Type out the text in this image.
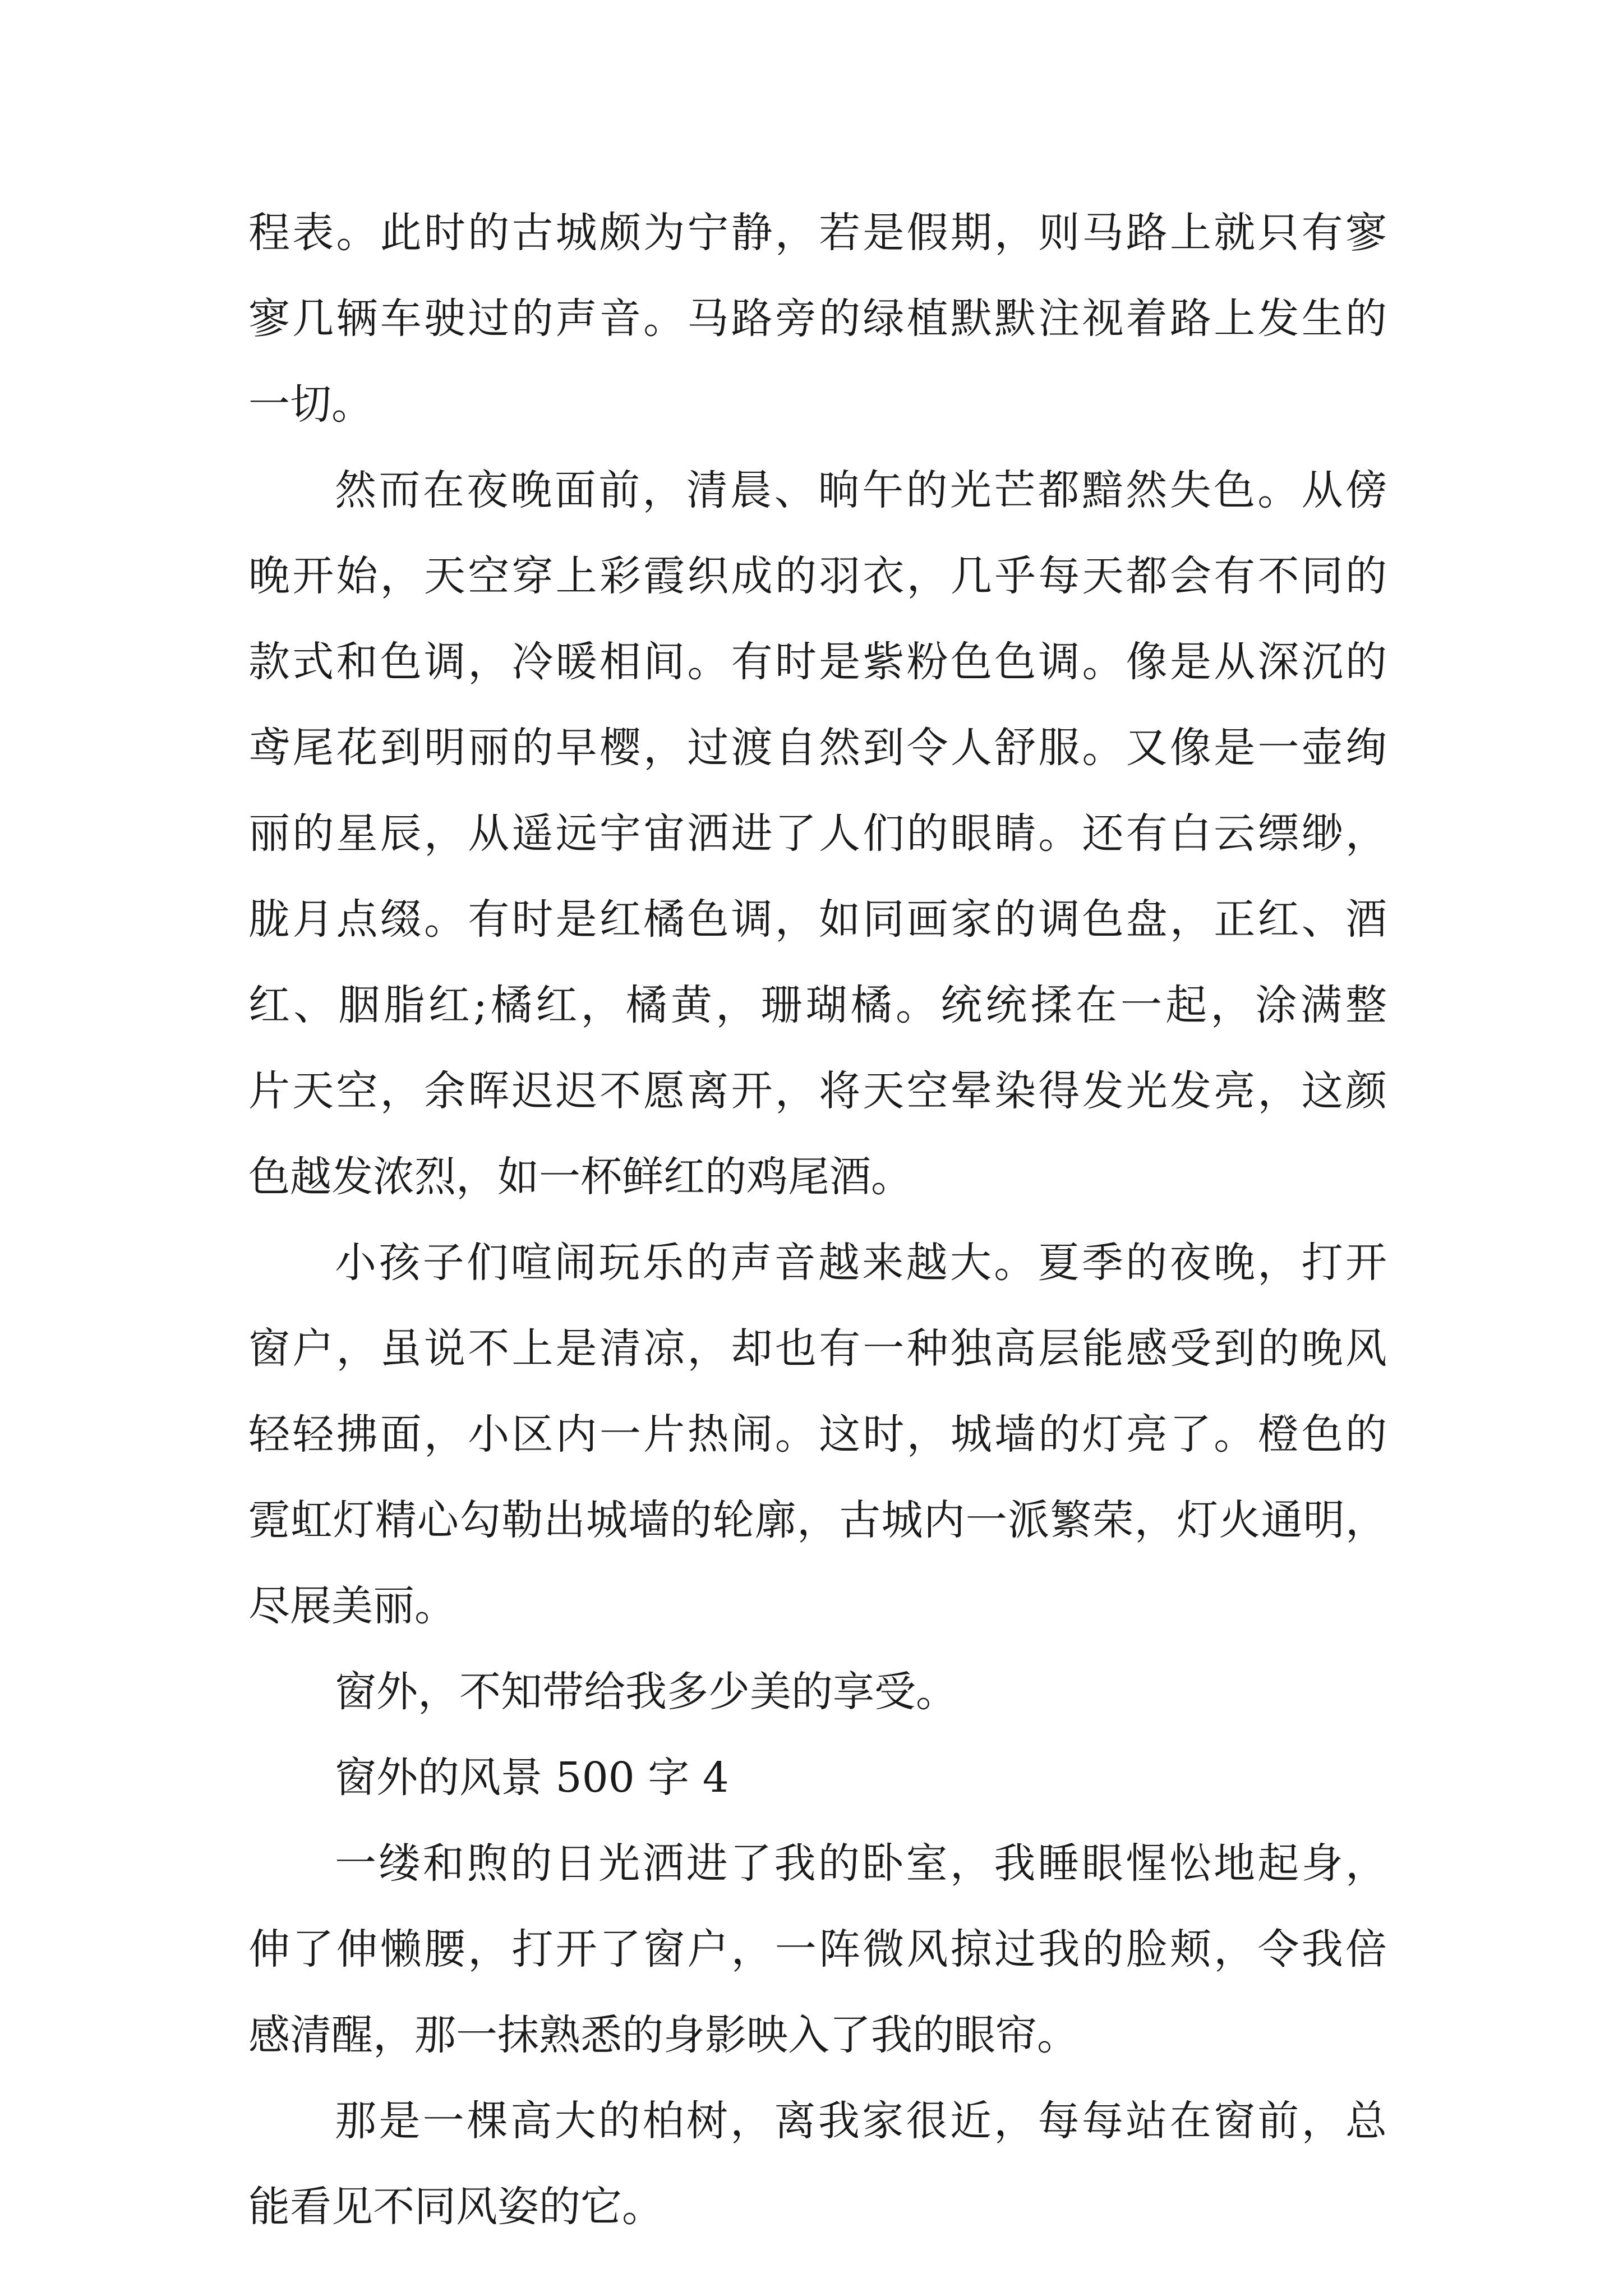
程表。此时的古城颇为宁静，若是假期，则马路上就只有寥
寥几辆车驶过的声音。马路旁的绿植默默注视着路上发生的
一切。
然而在夜晚面前，清晨、晌午的光芒都黯然失色。从傍
晚开始，天空穿上彩霞织成的羽衣，几乎每天都会有不同的
款式和色调，冷暖相间。有时是紫粉色色调。像是从深沉的
鸢尾花到明丽的早樱，过渡自然到令人舒服。又像是一壶绚
丽的星辰，从遥远宇宙洒进了人们的眼睛。还有白云缥缈，
胧月点缀。有时是红橘色调，如同画家的调色盘，正红、酒
红、胭脂红;橘红，橘黄，珊瑚橘。统统揉在一起，涂满整
片天空，余晖迟迟不愿离开，将天空晕染得发光发亮，这颜
色越发浓烈，如一杯鲜红的鸡尾酒。
小孩子们喧闹玩乐的声音越来越大。夏季的夜晚，打开
窗户，虽说不上是清凉，却也有一种独高层能感受到的晚风
轻轻拂面，小区内一片热闹。这时，城墙的灯亮了。橙色的
霓虹灯精心勾勒出城墙的轮廓，古城内一派繁荣，灯火通明，
尽展美丽。
窗外，不知带给我多少美的享受。
窗外的风景 500 字 4
一缕和煦的日光洒进了我的卧室，我睡眼惺忪地起身，
伸了伸懒腰，打开了窗户，一阵微风掠过我的脸颊，令我倍
感清醒，那一抹熟悉的身影映入了我的眼帘。
那是一棵高大的柏树，离我家很近，每每站在窗前，总
能看见不同风姿的它。
